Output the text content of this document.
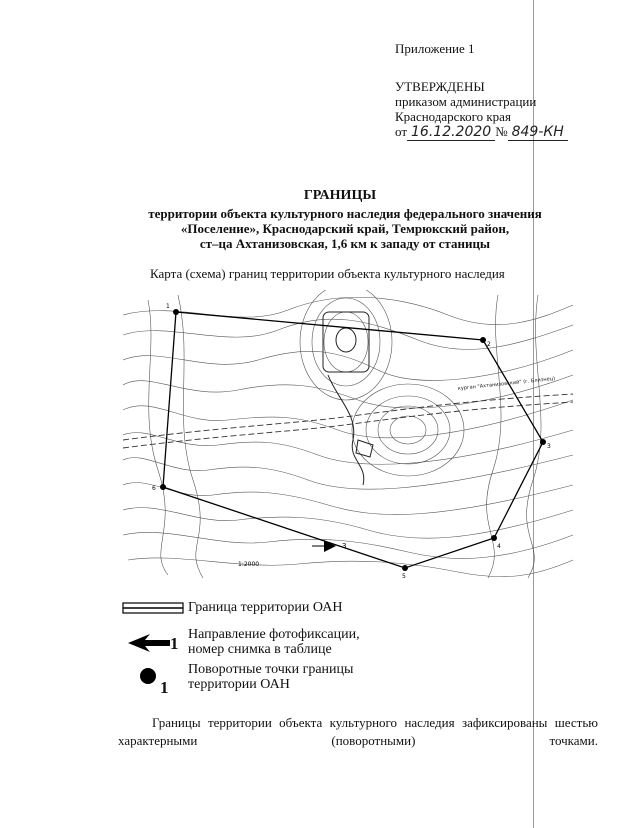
Приложение 1
УТВЕРЖДЕНЫ
приказом администрации
Краснодарского края
от 16.12.2020 № 849-КН
ГРАНИЦЫ
территории объекта культурного наследия федерального значения
«Поселение», Краснодарский край, Темрюкский район,
ст–ца Ахтанизовская, 1,6 км к западу от станицы
Карта (схема) границ территории объекта культурного наследия
курган "Ахтанизовский" (г. Близнец)
1
2
3
4
5
6
3
1:2000
Граница территории ОАН
1 Направление фотофиксации,
номер снимка в таблице
1
Поворотные точки границы
территории ОАН
Границы территории объекта культурного наследия зафиксированы шестью характерными (поворотными) точками.
